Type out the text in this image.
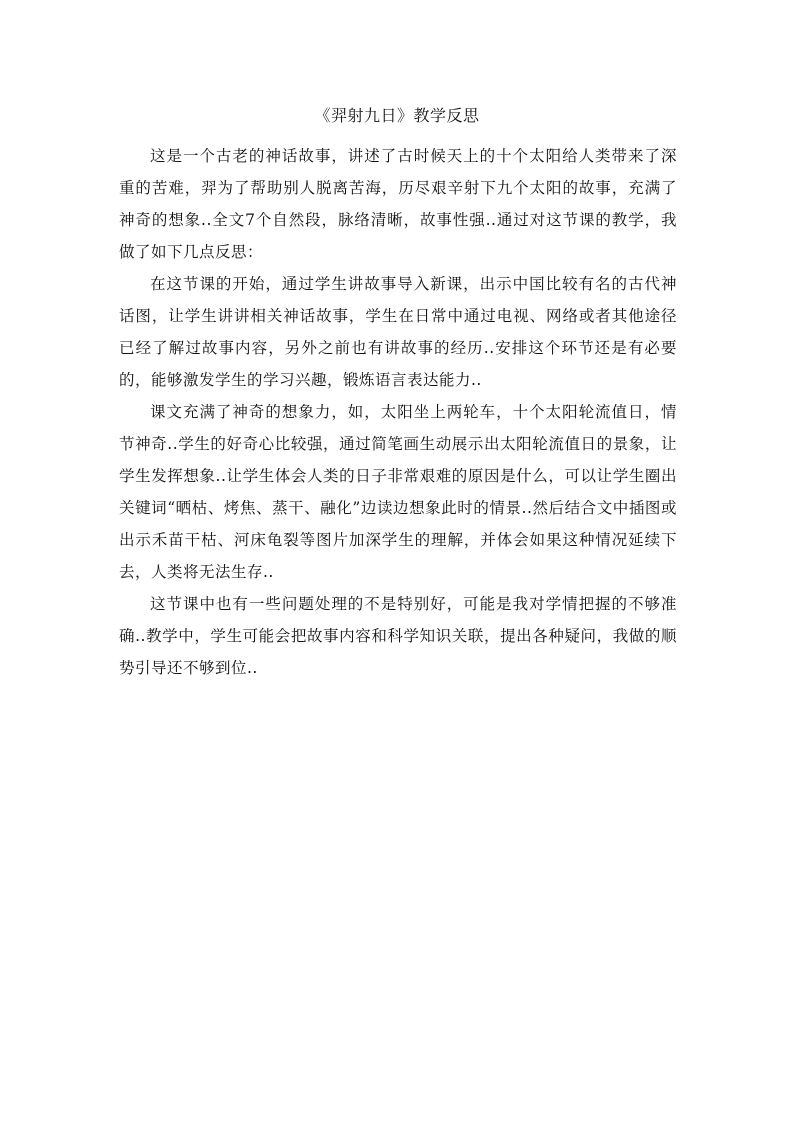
《羿射九日》教学反思

这是一个古老的神话故事，讲述了古时候天上的十个太阳给人类带来了深重的苦难，羿为了帮助别人脱离苦海，历尽艰辛射下九个太阳的故事，充满了神奇的想象..全文7个自然段，脉络清晰，故事性强..通过对这节课的教学，我做了如下几点反思：

在这节课的开始，通过学生讲故事导入新课，出示中国比较有名的古代神话图，让学生讲讲相关神话故事，学生在日常中通过电视、网络或者其他途径已经了解过故事内容，另外之前也有讲故事的经历..安排这个环节还是有必要的，能够激发学生的学习兴趣，锻炼语言表达能力..

课文充满了神奇的想象力，如，太阳坐上两轮车，十个太阳轮流值日，情节神奇..学生的好奇心比较强，通过简笔画生动展示出太阳轮流值日的景象，让学生发挥想象..让学生体会人类的日子非常艰难的原因是什么，可以让学生圈出关键词“晒枯、烤焦、蒸干、融化”边读边想象此时的情景..然后结合文中插图或出示禾苗干枯、河床龟裂等图片加深学生的理解，并体会如果这种情况延续下去，人类将无法生存..

这节课中也有一些问题处理的不是特别好，可能是我对学情把握的不够准确..教学中，学生可能会把故事内容和科学知识关联，提出各种疑问，我做的顺势引导还不够到位..
